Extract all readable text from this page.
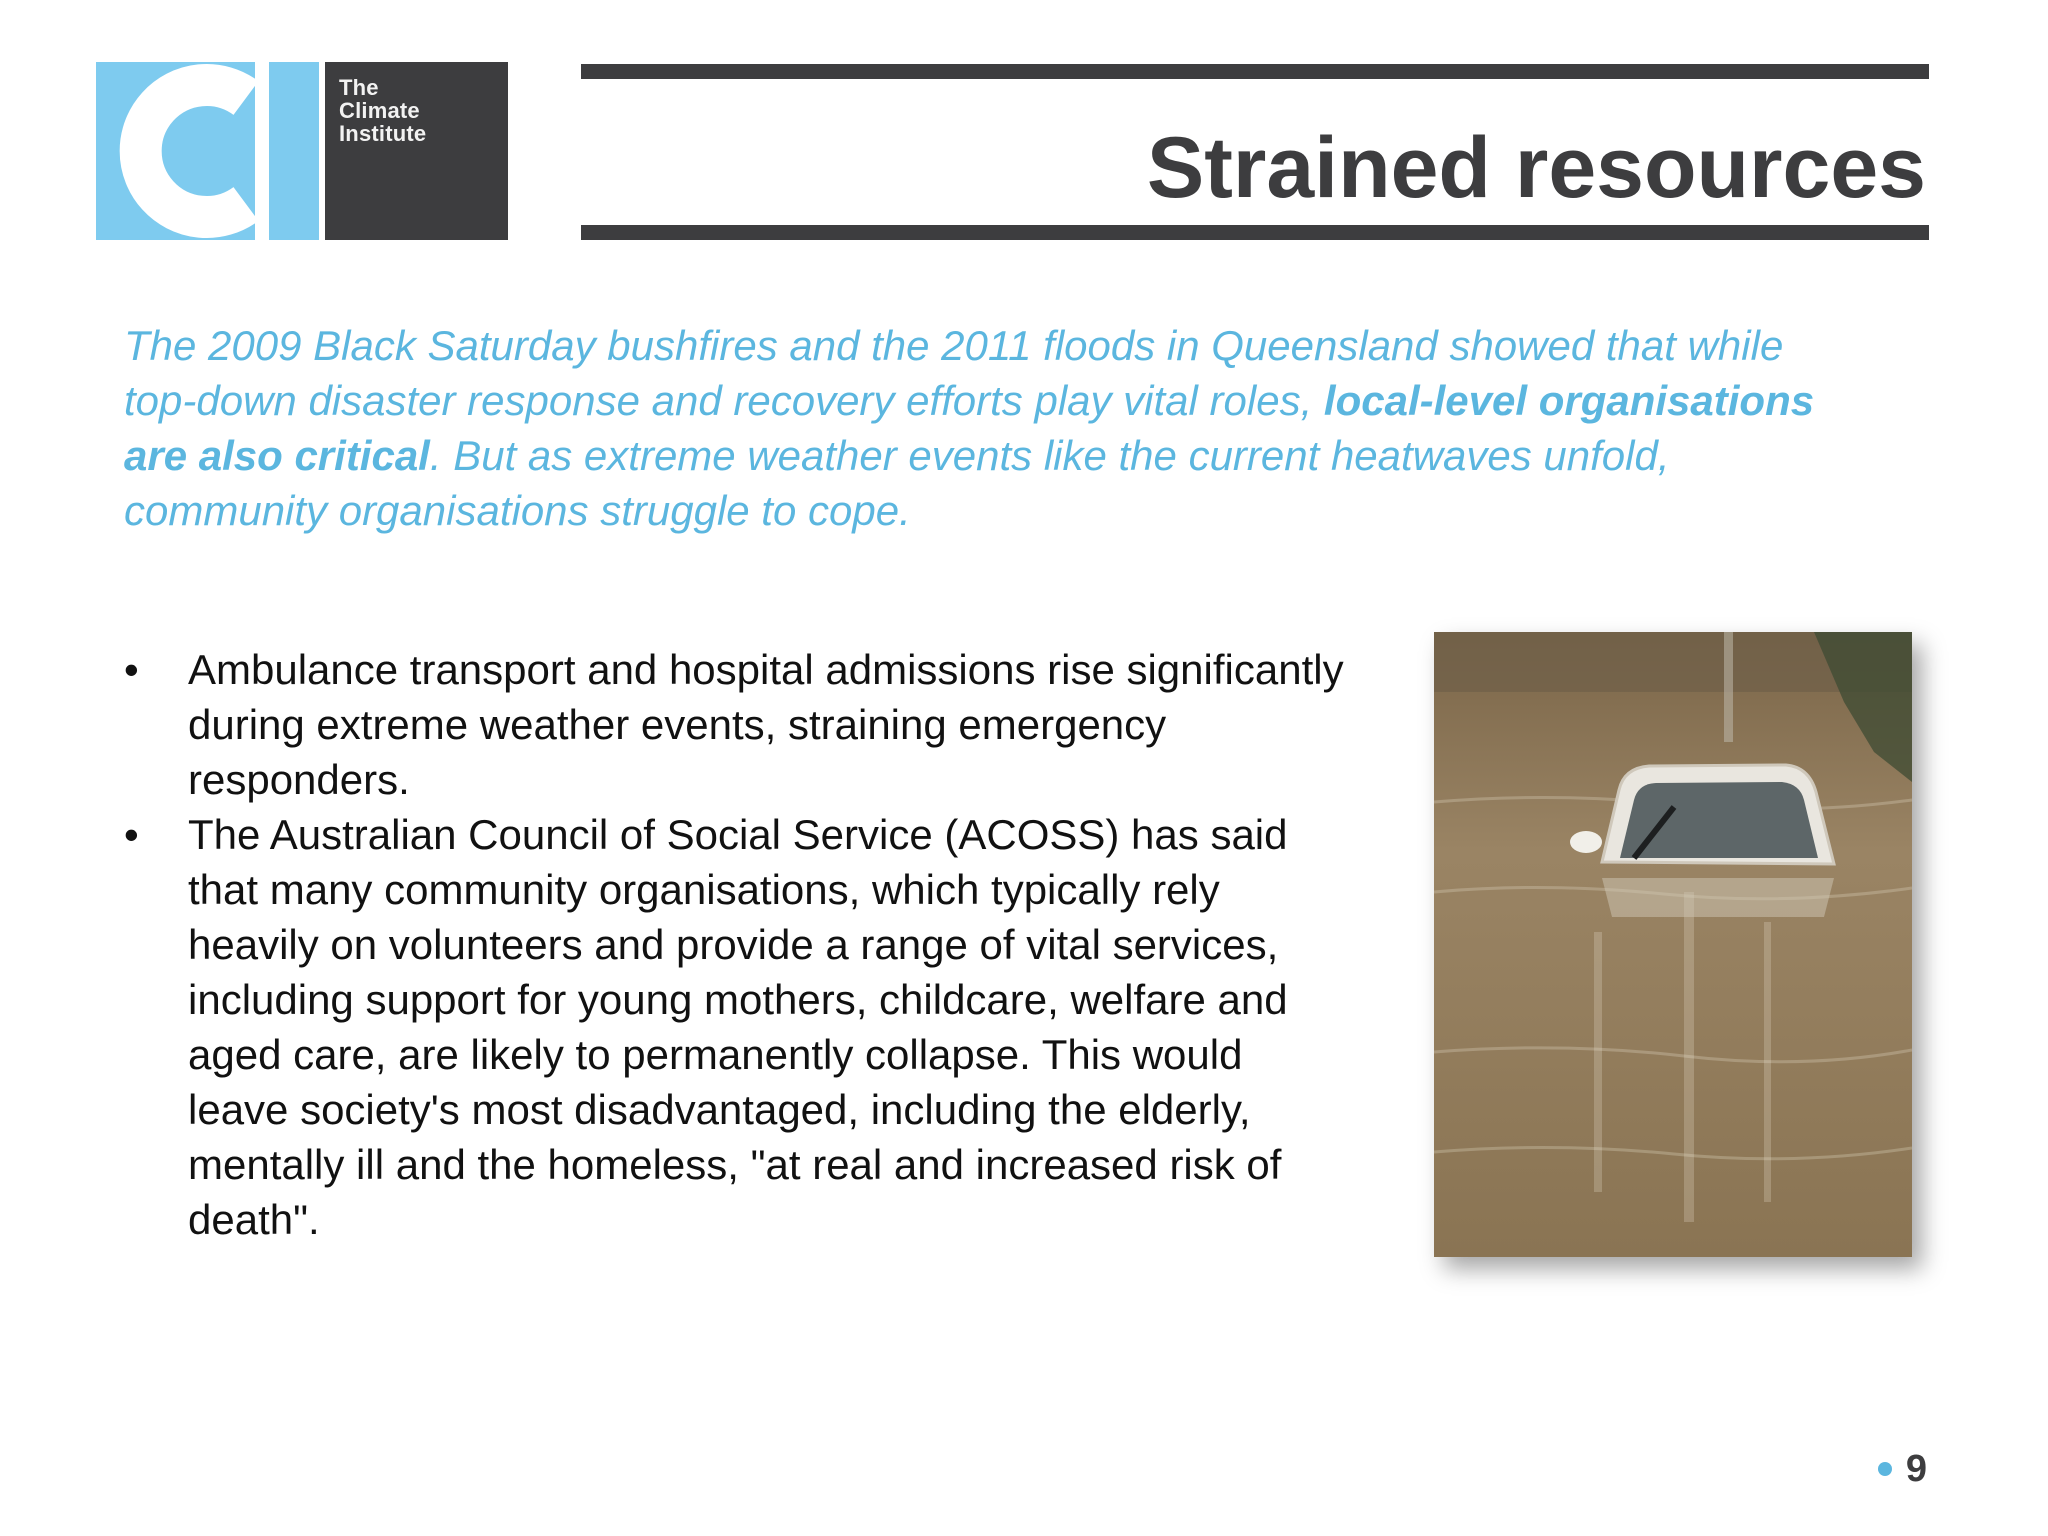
The
Climate
Institute	Strained resources

The 2009 Black Saturday bushfires and the 2011 floods in Queensland showed that while top-down disaster response and recovery efforts play vital roles, local-level organisations are also critical. But as extreme weather events like the current heatwaves unfold, community organisations struggle to cope.

•	Ambulance transport and hospital admissions rise significantly during extreme weather events, straining emergency responders.
•	The Australian Council of Social Service (ACOSS) has said that many community organisations, which typically rely heavily on volunteers and provide a range of vital services, including support for young mothers, childcare, welfare and aged care, are likely to permanently collapse. This would leave society's most disadvantaged, including the elderly, mentally ill and the homeless, "at real and increased risk of death".
9
